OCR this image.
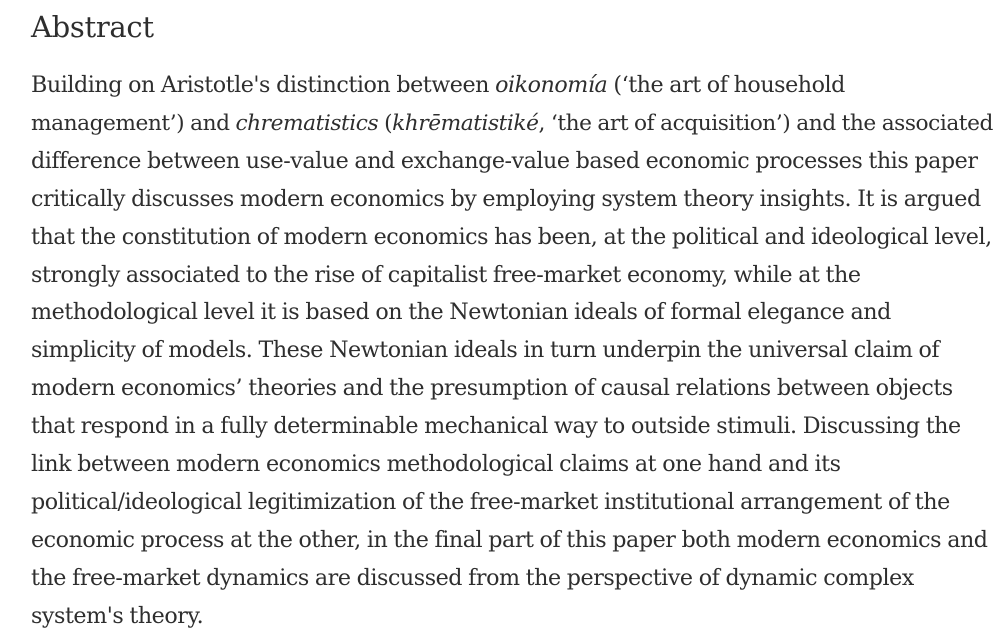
Abstract

Building on Aristotle's distinction between oikonomía (‘the art of household
management’) and chrematistics (khrēmatistiké, ‘the art of acquisition’) and the associated
difference between use-value and exchange-value based economic processes this paper
critically discusses modern economics by employing system theory insights. It is argued
that the constitution of modern economics has been, at the political and ideological level,
strongly associated to the rise of capitalist free-market economy, while at the
methodological level it is based on the Newtonian ideals of formal elegance and
simplicity of models. These Newtonian ideals in turn underpin the universal claim of
modern economics’ theories and the presumption of causal relations between objects
that respond in a fully determinable mechanical way to outside stimuli. Discussing the
link between modern economics methodological claims at one hand and its
political/ideological legitimization of the free-market institutional arrangement of the
economic process at the other, in the final part of this paper both modern economics and
the free-market dynamics are discussed from the perspective of dynamic complex
system's theory.
